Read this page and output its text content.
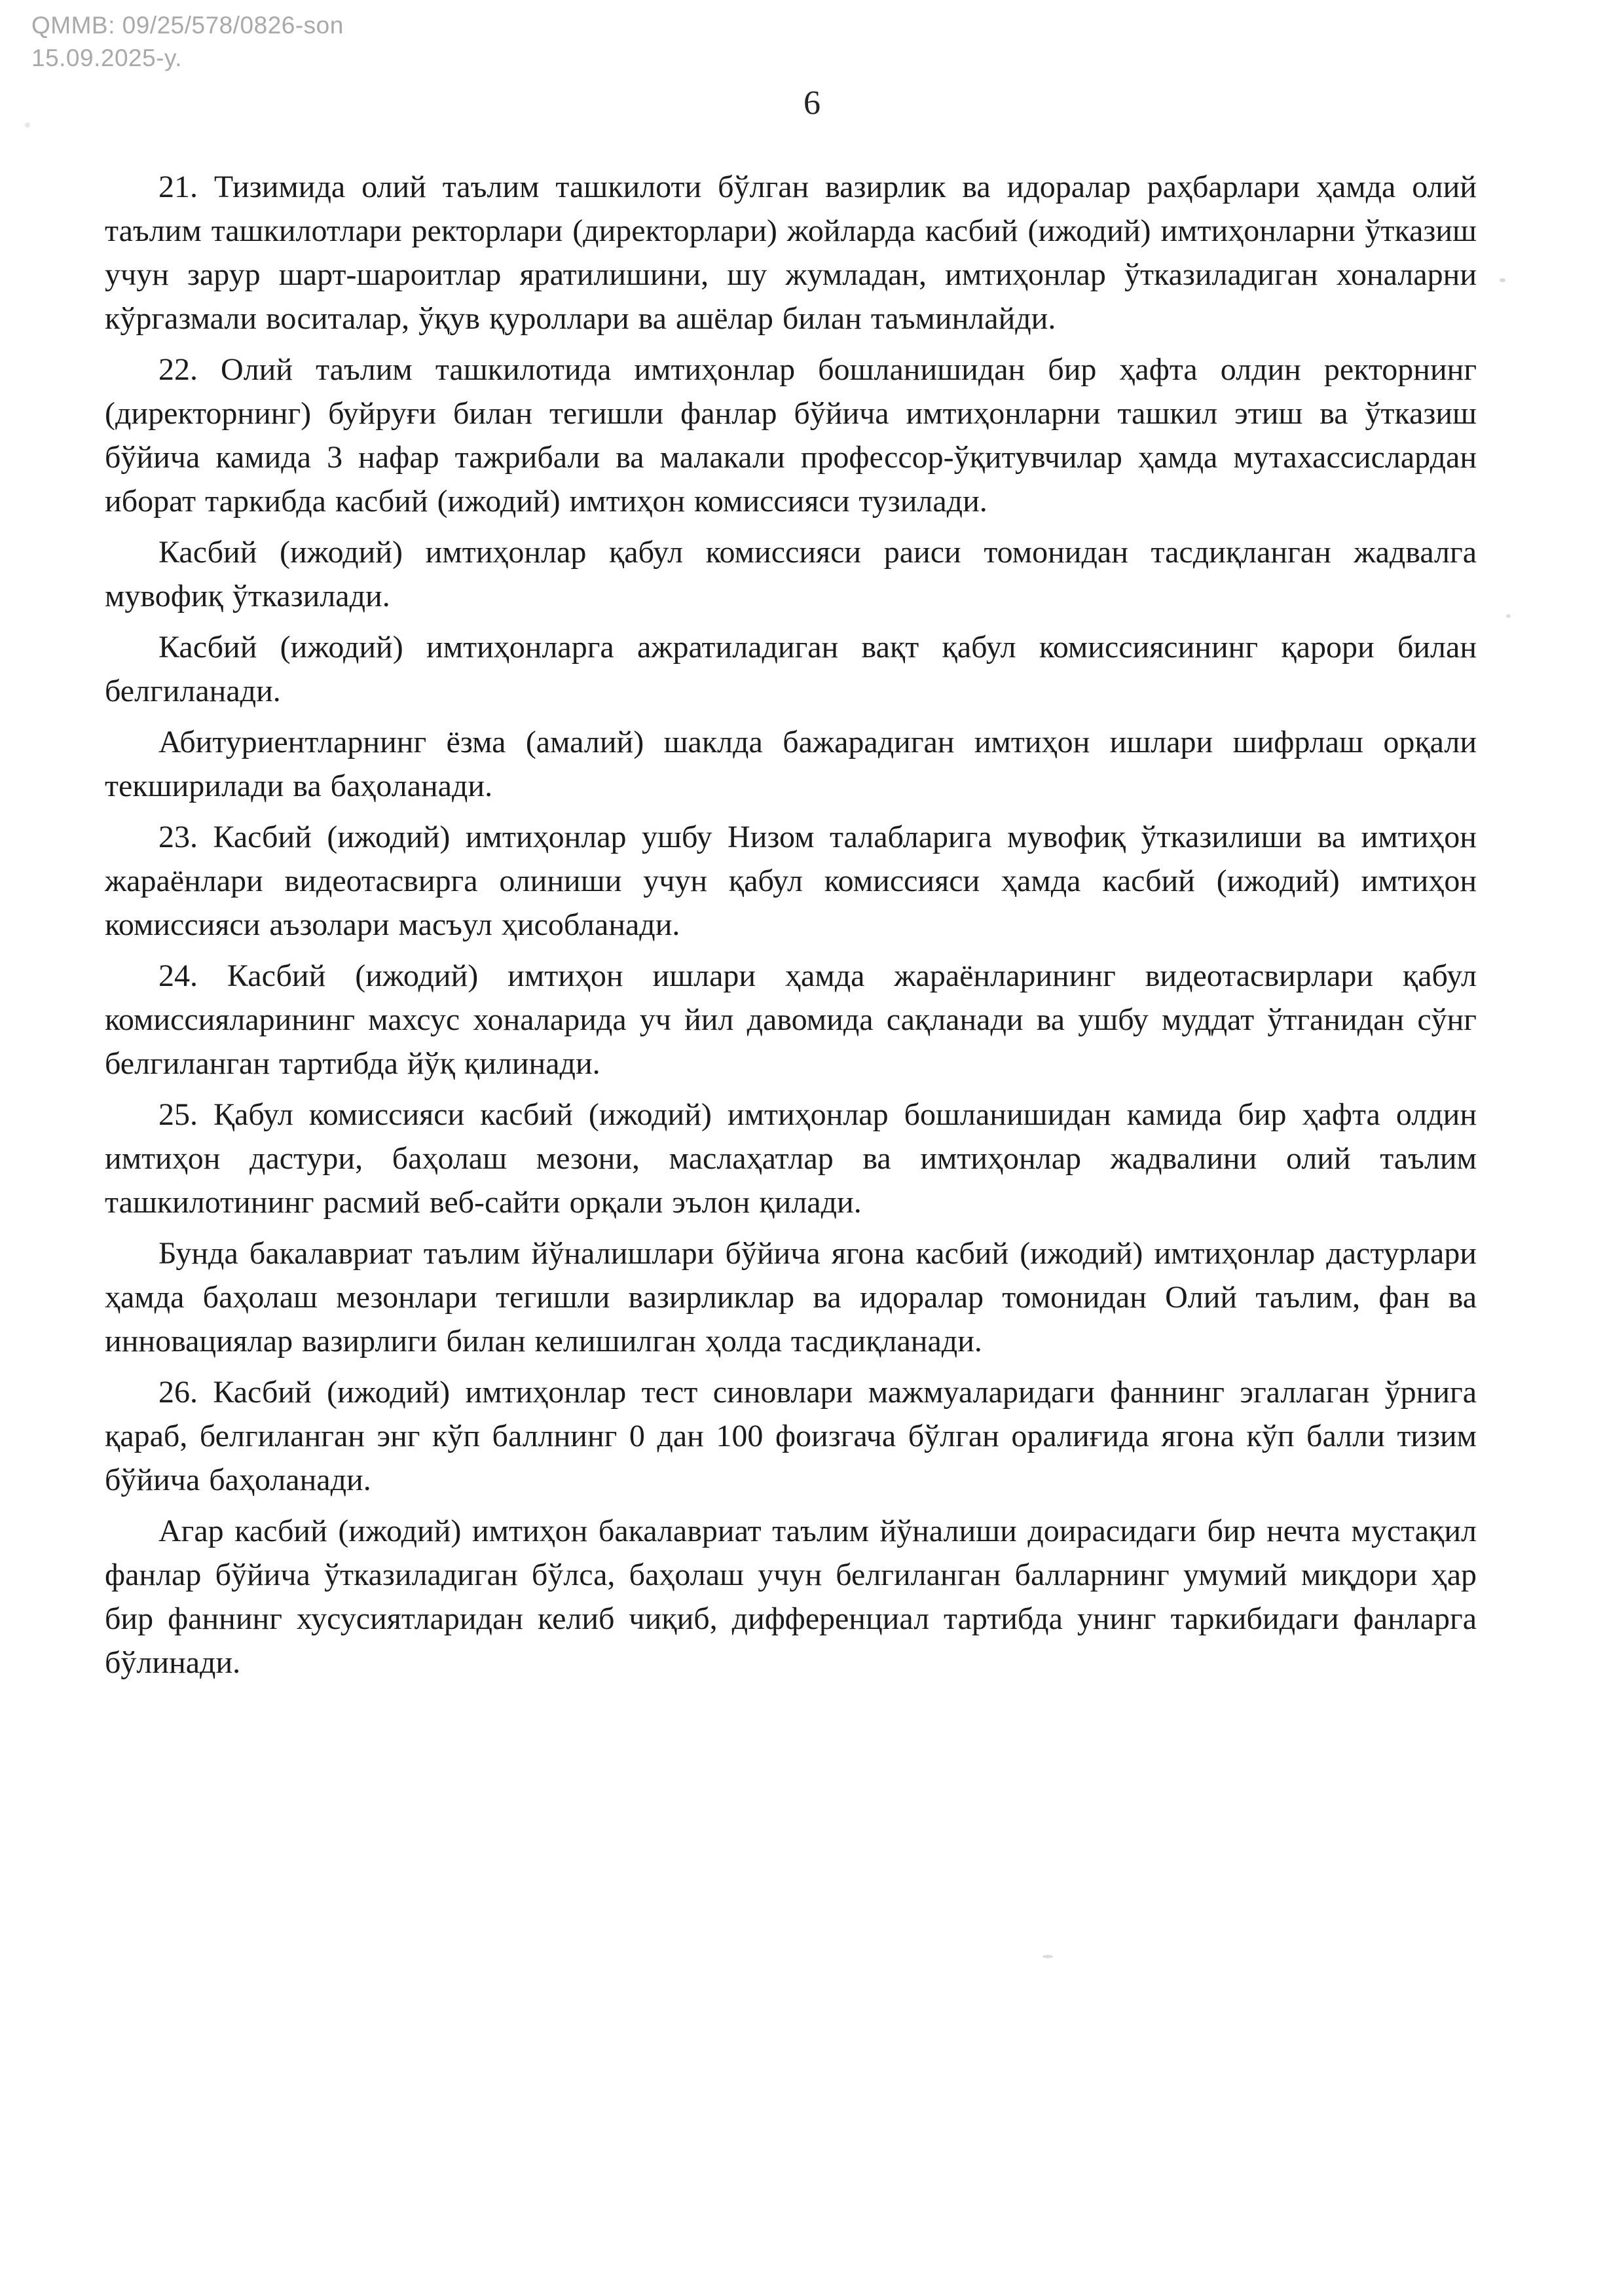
QMMB: 09/25/578/0826-son
15.09.2025-y.
6

21. Тизимида олий таълим ташкилоти бўлган вазирлик ва идоралар раҳбарлари ҳамда олий таълим ташкилотлари ректорлари (директорлари) жойларда касбий (ижодий) имтиҳонларни ўтказиш учун зарур шарт-шароитлар яратилишини, шу жумладан, имтиҳонлар ўтказиладиган хоналарни кўргазмали воситалар, ўқув қуроллари ва ашёлар билан таъминлайди.

22. Олий таълим ташкилотида имтиҳонлар бошланишидан бир ҳафта олдин ректорнинг (директорнинг) буйруғи билан тегишли фанлар бўйича имтиҳонларни ташкил этиш ва ўтказиш бўйича камида 3 нафар тажрибали ва малакали профессор-ўқитувчилар ҳамда мутахассислардан иборат таркибда касбий (ижодий) имтиҳон комиссияси тузилади.

Касбий (ижодий) имтиҳонлар қабул комиссияси раиси томонидан тасдиқланган жадвалга мувофиқ ўтказилади.

Касбий (ижодий) имтиҳонларга ажратиладиган вақт қабул комиссиясининг қарори билан белгиланади.

Абитуриентларнинг ёзма (амалий) шаклда бажарадиган имтиҳон ишлари шифрлаш орқали текширилади ва баҳоланади.

23. Касбий (ижодий) имтиҳонлар ушбу Низом талабларига мувофиқ ўтказилиши ва имтиҳон жараёнлари видеотасвирга олиниши учун қабул комиссияси ҳамда касбий (ижодий) имтиҳон комиссияси аъзолари масъул ҳисобланади.

24. Касбий (ижодий) имтиҳон ишлари ҳамда жараёнларининг видеотасвирлари қабул комиссияларининг махсус хоналарида уч йил давомида сақланади ва ушбу муддат ўтганидан сўнг белгиланган тартибда йўқ қилинади.

25. Қабул комиссияси касбий (ижодий) имтиҳонлар бошланишидан камида бир ҳафта олдин имтиҳон дастури, баҳолаш мезони, маслаҳатлар ва имтиҳонлар жадвалини олий таълим ташкилотининг расмий веб-сайти орқали эълон қилади.

Бунда бакалавриат таълим йўналишлари бўйича ягона касбий (ижодий) имтиҳонлар дастурлари ҳамда баҳолаш мезонлари тегишли вазирликлар ва идоралар томонидан Олий таълим, фан ва инновациялар вазирлиги билан келишилган ҳолда тасдиқланади.

26. Касбий (ижодий) имтиҳонлар тест синовлари мажмуаларидаги фаннинг эгаллаган ўрнига қараб, белгиланган энг кўп баллнинг 0 дан 100 фоизгача бўлган оралиғида ягона кўп балли тизим бўйича баҳоланади.

Агар касбий (ижодий) имтиҳон бакалавриат таълим йўналиши доирасидаги бир нечта мустақил фанлар бўйича ўтказиладиган бўлса, баҳолаш учун белгиланган балларнинг умумий миқдори ҳар бир фаннинг хусусиятларидан келиб чиқиб, дифференциал тартибда унинг таркибидаги фанларга бўлинади.
